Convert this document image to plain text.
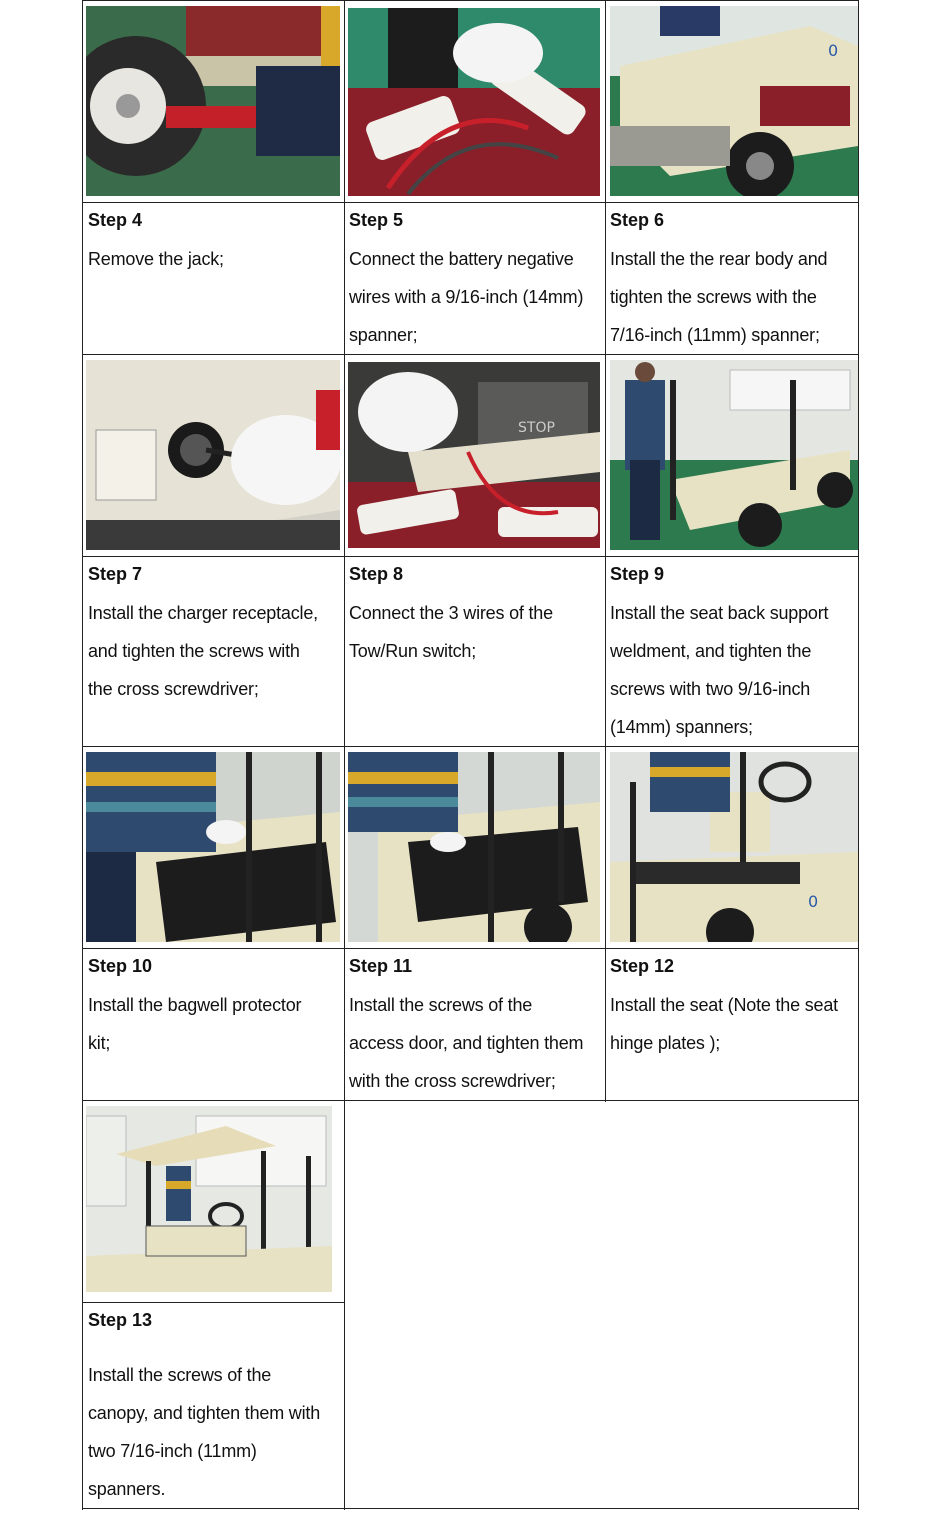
0
STOP
0
Step 4
Remove the jack;
Step 5
Connect the battery negative
wires with a 9/16-inch (14mm)
spanner;
Step 6
Install the the rear body and
tighten the screws with the
7/16-inch (11mm) spanner;
Step 7
Install the charger receptacle,
and tighten the screws with
the cross screwdriver;
Step 8
Connect the 3 wires of the
Tow/Run switch;
Step 9
Install the seat back support
weldment, and tighten the
screws with two 9/16-inch
(14mm) spanners;
Step 10
Install the bagwell protector
kit;
Step 11
Install the screws of the
access door, and tighten them
with the cross screwdriver;
Step 12
Install the seat (Note the seat
hinge plates );
Step 13
Install the screws of the
canopy, and tighten them with
two 7/16-inch (11mm)
spanners.
